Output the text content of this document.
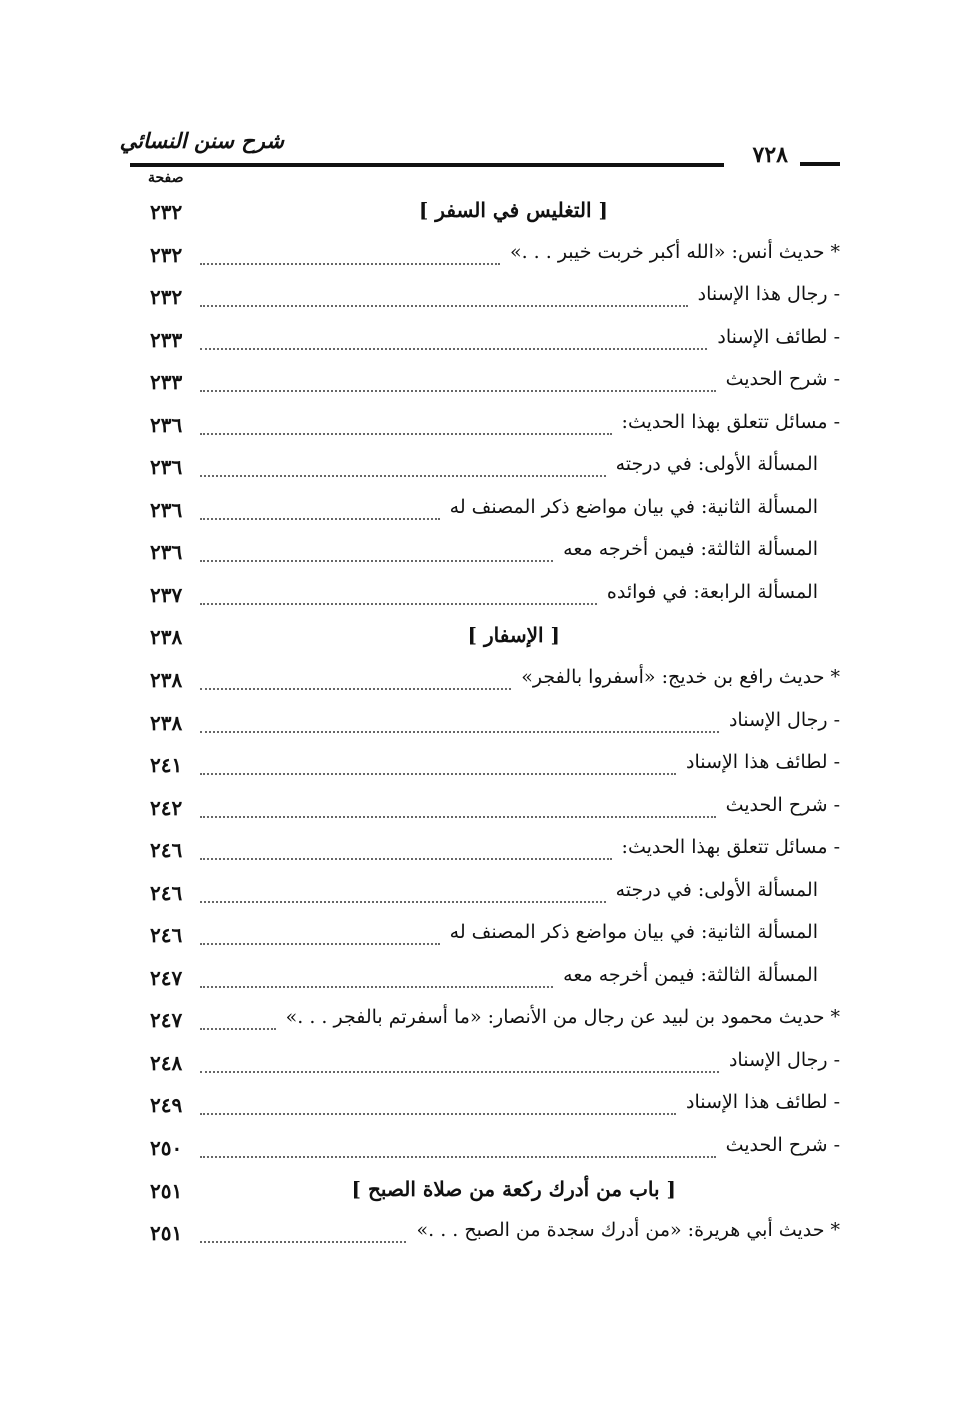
شرح سنن النسائي
٧٢٨
صفحة
٢٣٢	[ التغليس في السفر ]
٢٣٢	* حديث أنس: «الله أكبر خربت خيبر . . .»
٢٣٢	- رجال هذا الإسناد
٢٣٣	- لطائف الإسناد
٢٣٣	- شرح الحديث
٢٣٦	- مسائل تتعلق بهذا الحديث:
٢٣٦	المسألة الأولى: في درجته
٢٣٦	المسألة الثانية: في بيان مواضع ذكر المصنف له
٢٣٦	المسألة الثالثة: فيمن أخرجه معه
٢٣٧	المسألة الرابعة: في فوائده
٢٣٨	[ الإسفار ]
٢٣٨	* حديث رافع بن خديج: «أسفروا بالفجر»
٢٣٨	- رجال الإسناد
٢٤١	- لطائف هذا الإسناد
٢٤٢	- شرح الحديث
٢٤٦	- مسائل تتعلق بهذا الحديث:
٢٤٦	المسألة الأولى: في درجته
٢٤٦	المسألة الثانية: في بيان مواضع ذكر المصنف له
٢٤٧	المسألة الثالثة: فيمن أخرجه معه
٢٤٧	* حديث محمود بن لبيد عن رجال من الأنصار: «ما أسفرتم بالفجر . . .»
٢٤٨	- رجال الإسناد
٢٤٩	- لطائف هذا الإسناد
٢٥٠	- شرح الحديث
٢٥١	[ باب من أدرك ركعة من صلاة الصبح ]
٢٥١	* حديث أبي هريرة: «من أدرك سجدة من الصبح . . .»
